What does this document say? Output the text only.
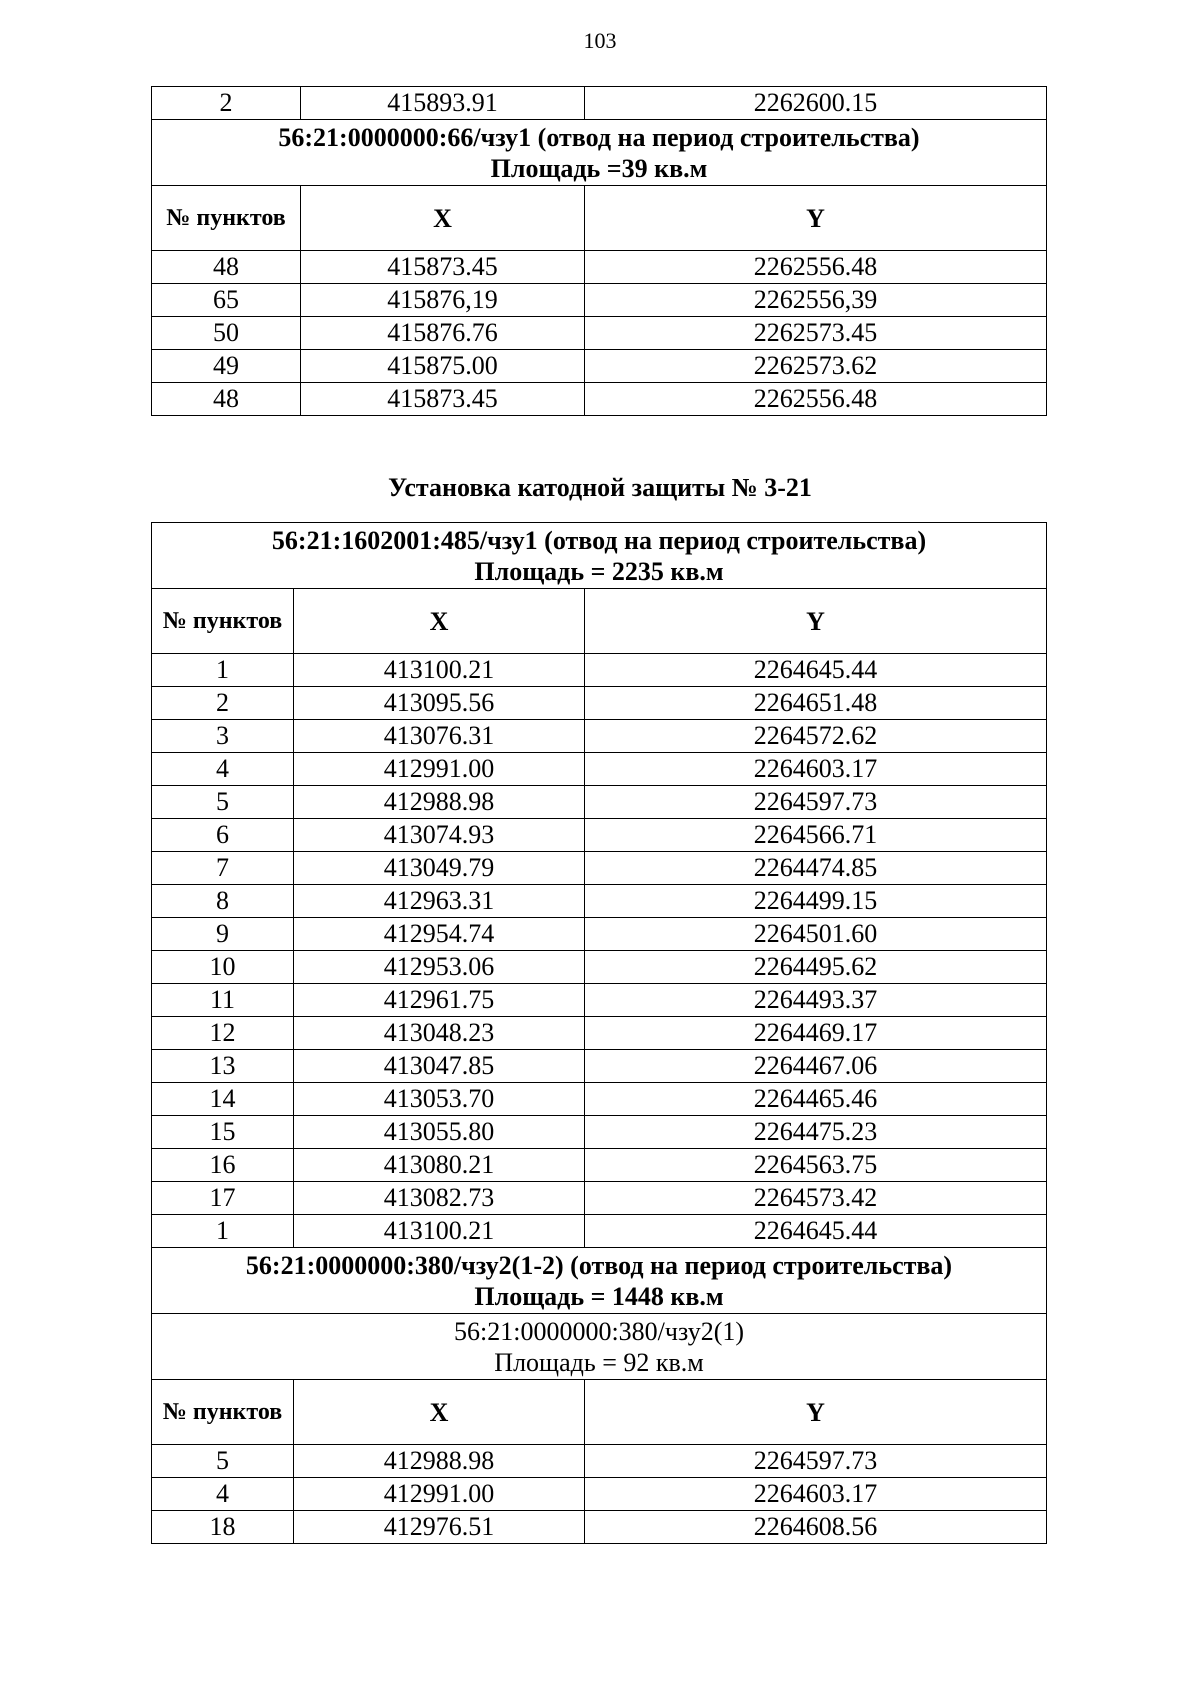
103
2	415893.91	2262600.15

56:21:0000000:66/чзу1 (отвод на период строительства)
Площадь =39 кв.м		

№ пунктов	X	Y
48	415873.45	2262556.48
65	415876,19	2262556,39
50	415876.76	2262573.45
49	415875.00	2262573.62
48	415873.45	2262556.48
Установка катодной защиты № 3-21
56:21:1602001:485/чзу1 (отвод на период строительства)
Площадь = 2235 кв.м		

№ пунктов	X	Y
1	413100.21	2264645.44
2	413095.56	2264651.48
3	413076.31	2264572.62
4	412991.00	2264603.17
5	412988.98	2264597.73
6	413074.93	2264566.71
7	413049.79	2264474.85
8	412963.31	2264499.15
9	412954.74	2264501.60
10	412953.06	2264495.62
11	412961.75	2264493.37
12	413048.23	2264469.17
13	413047.85	2264467.06
14	413053.70	2264465.46
15	413055.80	2264475.23
16	413080.21	2264563.75
17	413082.73	2264573.42
1	413100.21	2264645.44

56:21:0000000:380/чзу2(1-2) (отвод на период строительства)
Площадь = 1448 кв.м		

56:21:0000000:380/чзу2(1)
Площадь = 92 кв.м		

№ пунктов	X	Y
5	412988.98	2264597.73
4	412991.00	2264603.17
18	412976.51	2264608.56
